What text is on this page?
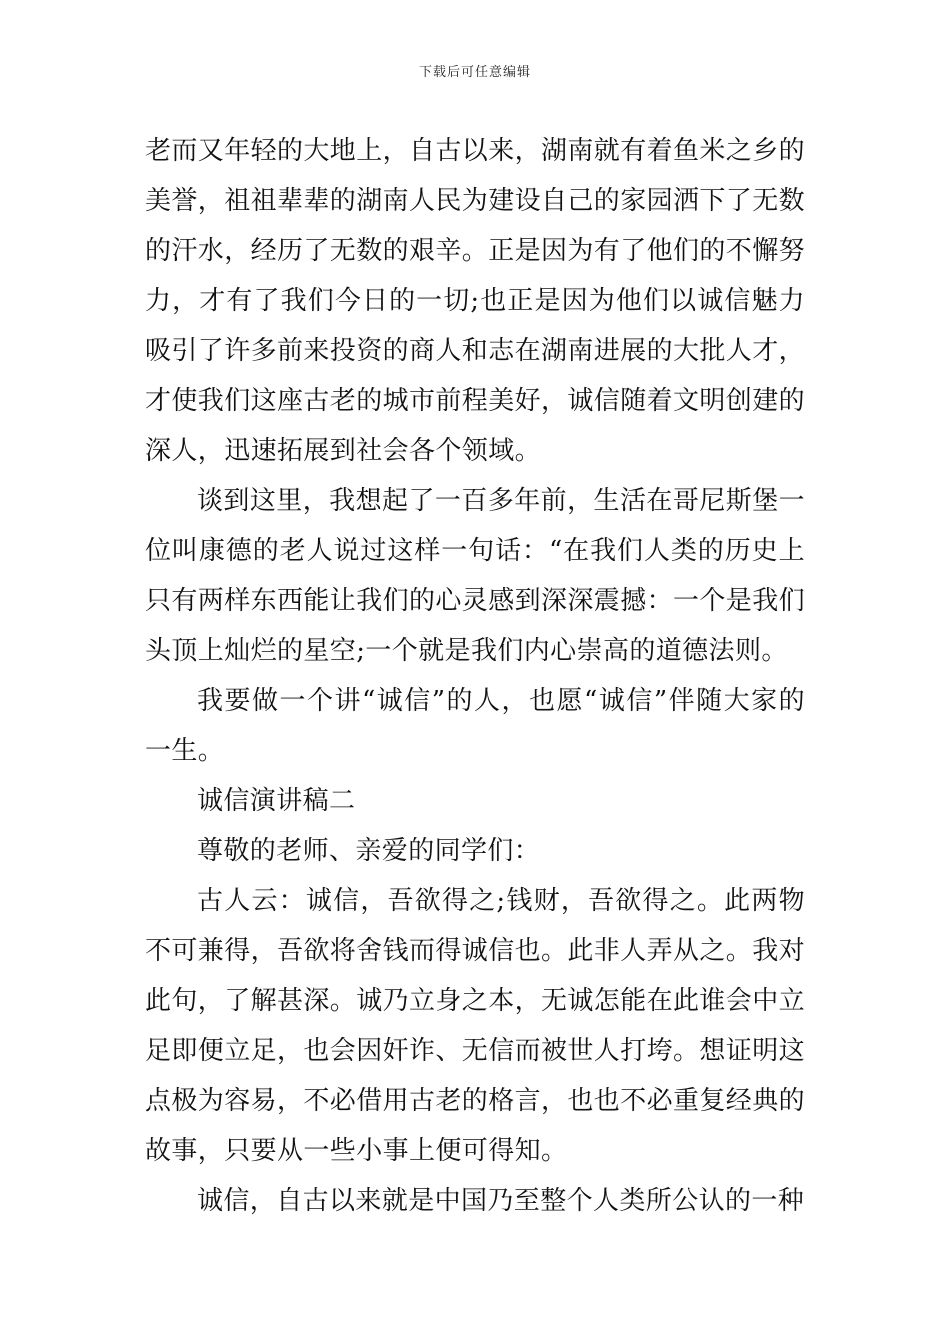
下载后可任意编辑

老而又年轻的大地上，自古以来，湖南就有着鱼米之乡的美誉，祖祖辈辈的湖南人民为建设自己的家园洒下了无数的汗水，经历了无数的艰辛。正是因为有了他们的不懈努力，才有了我们今日的一切;也正是因为他们以诚信魅力吸引了许多前来投资的商人和志在湖南进展的大批人才，才使我们这座古老的城市前程美好，诚信随着文明创建的深人，迅速拓展到社会各个领域。

谈到这里，我想起了一百多年前，生活在哥尼斯堡一位叫康德的老人说过这样一句话：“在我们人类的历史上只有两样东西能让我们的心灵感到深深震撼：一个是我们头顶上灿烂的星空;一个就是我们内心崇高的道德法则。

我要做一个讲“诚信”的人，也愿“诚信”伴随大家的一生。

诚信演讲稿二

尊敬的老师、亲爱的同学们：

古人云：诚信，吾欲得之;钱财，吾欲得之。此两物不可兼得，吾欲将舍钱而得诚信也。此非人弄从之。我对此句，了解甚深。诚乃立身之本，无诚怎能在此谁会中立足即便立足，也会因奸诈、无信而被世人打垮。想证明这点极为容易，不必借用古老的格言，也也不必重复经典的故事，只要从一些小事上便可得知。

诚信，自古以来就是中国乃至整个人类所公认的一种
